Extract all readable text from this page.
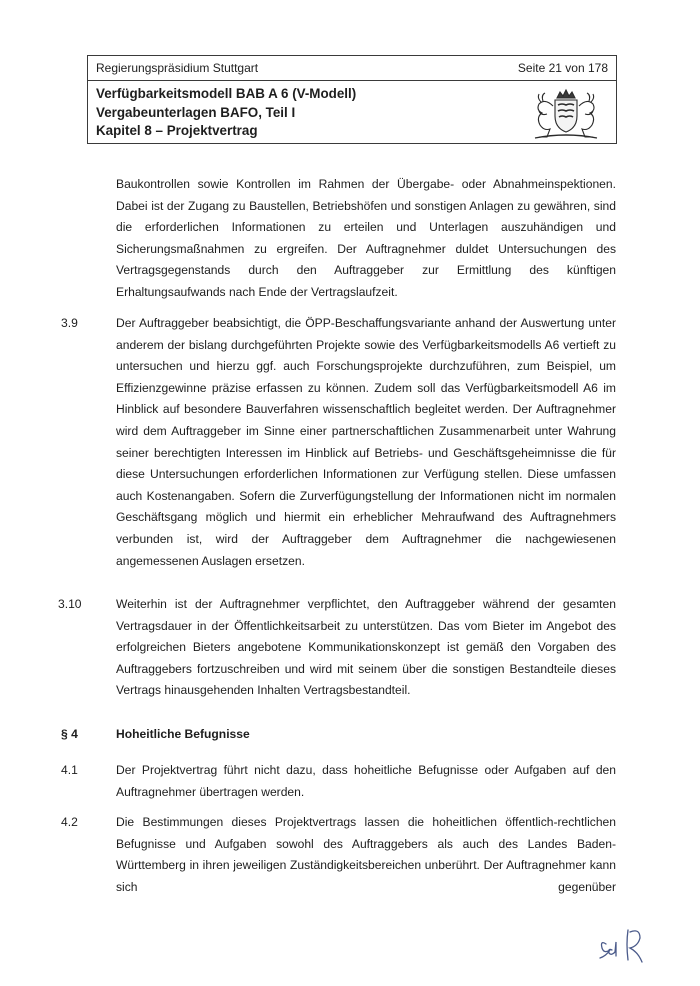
Regierungspräsidium Stuttgart	Seite 21 von 178
Verfügbarkeitsmodell BAB A 6 (V-Modell)
Vergabeunterlagen BAFO, Teil I
Kapitel 8 – Projektvertrag

Baukontrollen sowie Kontrollen im Rahmen der Übergabe- oder Abnahmeinspektionen. Dabei ist der Zugang zu Baustellen, Betriebshöfen und sonstigen Anlagen zu gewähren, sind die erforderlichen Informationen zu erteilen und Unterlagen auszuhändigen und Sicherungsmaßnahmen zu ergreifen. Der Auftragnehmer duldet Untersuchungen des Vertragsgegenstands durch den Auftraggeber zur Ermittlung des künftigen Erhaltungsaufwands nach Ende der Vertragslaufzeit.

3.9	Der Auftraggeber beabsichtigt, die ÖPP-Beschaffungsvariante anhand der Auswertung unter anderem der bislang durchgeführten Projekte sowie des Verfügbarkeitsmodells A6 vertieft zu untersuchen und hierzu ggf. auch Forschungsprojekte durchzuführen, zum Beispiel, um Effizienzgewinne präzise erfassen zu können. Zudem soll das Verfügbarkeitsmodell A6 im Hinblick auf besondere Bauverfahren wissenschaftlich begleitet werden. Der Auftragnehmer wird dem Auftraggeber im Sinne einer partnerschaftlichen Zusammenarbeit unter Wahrung seiner berechtigten Interessen im Hinblick auf Betriebs- und Geschäftsgeheimnisse die für diese Untersuchungen erforderlichen Informationen zur Verfügung stellen. Diese umfassen auch Kostenangaben. Sofern die Zurverfügungstellung der Informationen nicht im normalen Geschäftsgang möglich und hiermit ein erheblicher Mehraufwand des Auftragnehmers verbunden ist, wird der Auftraggeber dem Auftragnehmer die nachgewiesenen angemessenen Auslagen ersetzen.

3.10	Weiterhin ist der Auftragnehmer verpflichtet, den Auftraggeber während der gesamten Vertragsdauer in der Öffentlichkeitsarbeit zu unterstützen. Das vom Bieter im Angebot des erfolgreichen Bieters angebotene Kommunikationskonzept ist gemäß den Vorgaben des Auftraggebers fortzuschreiben und wird mit seinem über die sonstigen Bestandteile dieses Vertrags hinausgehenden Inhalten Vertragsbestandteil.

§ 4	Hoheitliche Befugnisse
4.1	Der Projektvertrag führt nicht dazu, dass hoheitliche Befugnisse oder Aufgaben auf den Auftragnehmer übertragen werden.

4.2	Die Bestimmungen dieses Projektvertrags lassen die hoheitlichen öffentlich-rechtlichen Befugnisse und Aufgaben sowohl des Auftraggebers als auch des Landes Baden-Württemberg in ihren jeweiligen Zuständigkeitsbereichen unberührt. Der Auftragnehmer kann sich gegenüber
